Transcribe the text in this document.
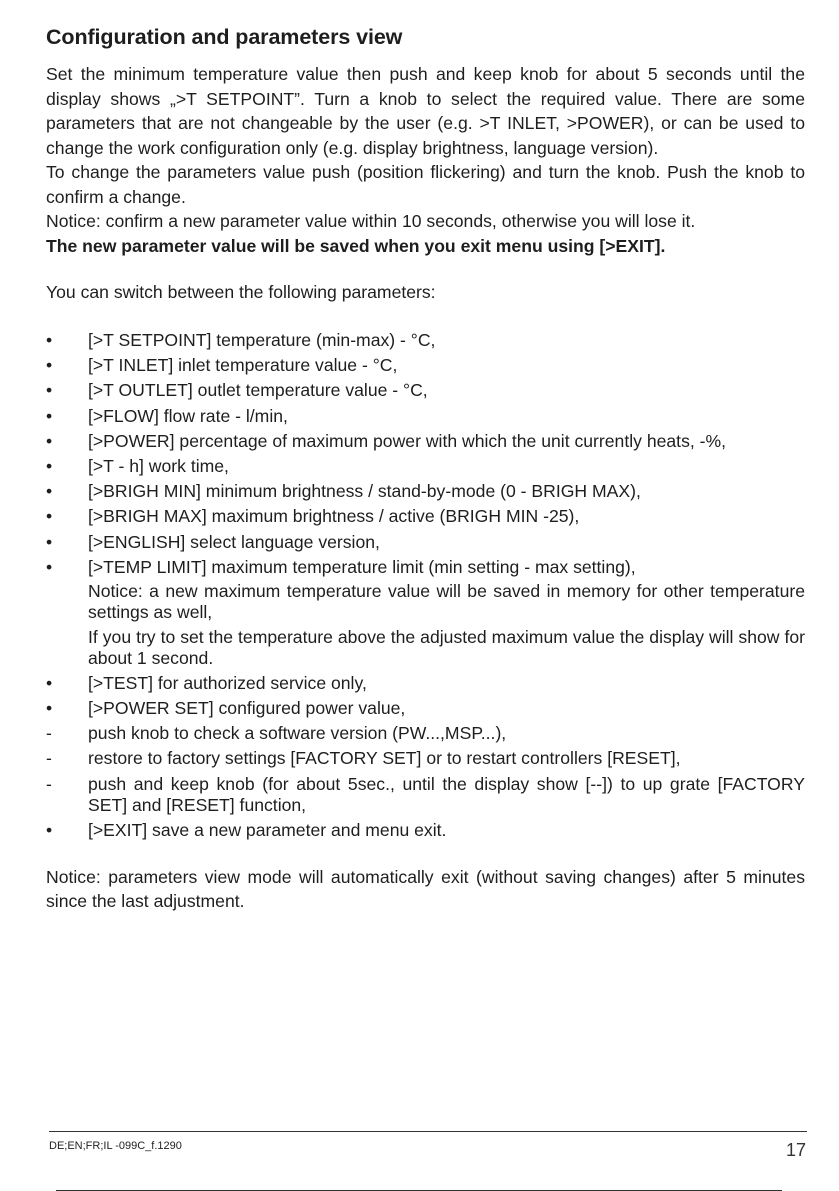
Configuration and parameters view

Set the minimum temperature value then push and keep knob for about 5 seconds until the display shows „>T SETPOINT”. Turn a knob to select the required value. There are some parameters that are not changeable by the user (e.g. >T INLET, >POWER), or can be used to change the work configuration only (e.g. display brightness, language version).

To change the parameters value push (position flickering) and turn the knob. Push the knob to confirm a change.

Notice: confirm a new parameter value within 10 seconds, otherwise you will lose it.

The new parameter value will be saved when you exit menu using [>EXIT].

You can switch between the following parameters:
•	[>T SETPOINT] temperature (min-max) - °C,
•	[>T INLET] inlet temperature value - °C,
•	[>T OUTLET] outlet temperature value - °C,
•	[>FLOW] flow rate - l/min,
•	[>POWER] percentage of maximum power with which the unit currently heats, -%,
•	[>T - h] work time,
•	[>BRIGH MIN] minimum brightness / stand-by-mode (0 - BRIGH MAX),
•	[>BRIGH MAX] maximum brightness / active (BRIGH MIN -25),
•	[>ENGLISH] select language version,
•	[>TEMP LIMIT] maximum temperature limit (min setting - max setting),
Notice: a new maximum temperature value will be saved in memory for other temperature settings as well,
If you try to set the temperature above the adjusted maximum value the display will show for about 1 second.
•	[>TEST] for authorized service only,
•	[>POWER SET] configured power value,
-	push knob to check a software version (PW...,MSP...),
-	restore to factory settings [FACTORY SET] or to restart controllers [RESET],
-	push and keep knob (for about 5sec., until the display show [--]) to up grate [FACTORY SET] and [RESET] function,
•	[>EXIT] save a new parameter and menu exit.
Notice: parameters view mode will automatically exit (without saving changes) after 5 minutes since the last adjustment.
DE;EN;FR;IL -099C_f.1290	17
